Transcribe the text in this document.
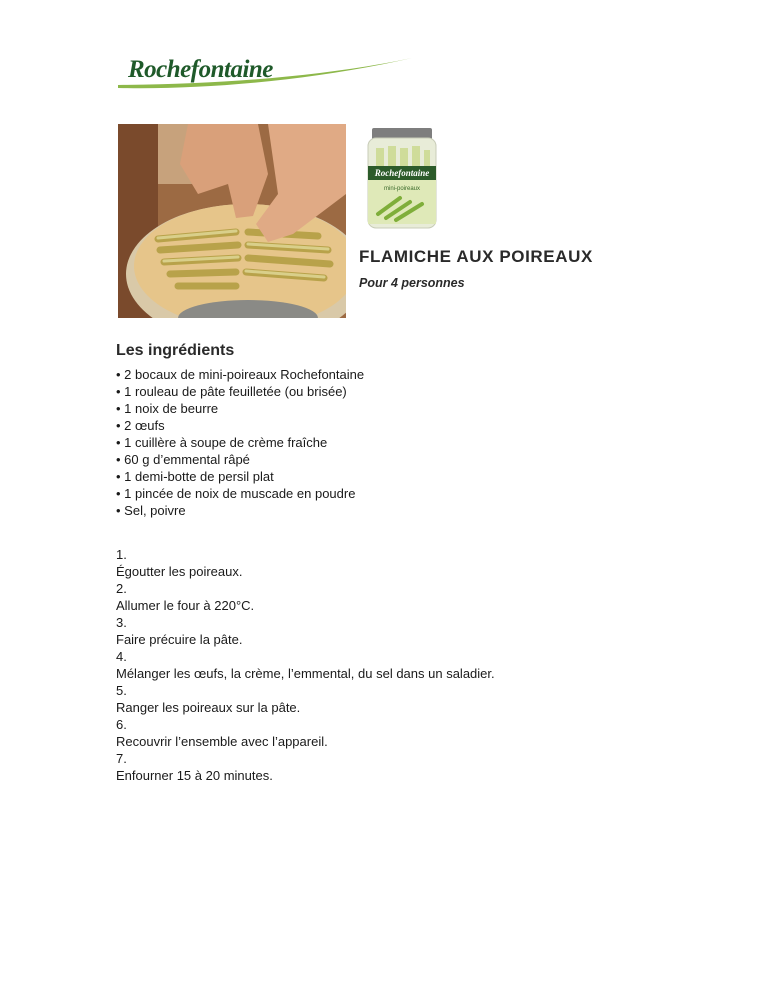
Rochefontaine
Rochefontaine
mini-poireaux
FLAMICHE AUX POIREAUX

Pour 4 personnes

Les ingrédients
• 2 bocaux de mini-poireaux Rochefontaine
• 1 rouleau de pâte feuilletée (ou brisée)
• 1 noix de beurre
• 2 œufs
• 1 cuillère à soupe de crème fraîche
• 60 g d’emmental râpé
• 1 demi-botte de persil plat
• 1 pincée de noix de muscade en poudre
• Sel, poivre
1.
Égoutter les poireaux.
2.
Allumer le four à 220°C.
3.
Faire précuire la pâte.
4.
Mélanger les œufs, la crème, l’emmental, du sel dans un saladier.
5.
Ranger les poireaux sur la pâte.
6.
Recouvrir l’ensemble avec l’appareil.
7.
Enfourner 15 à 20 minutes.
